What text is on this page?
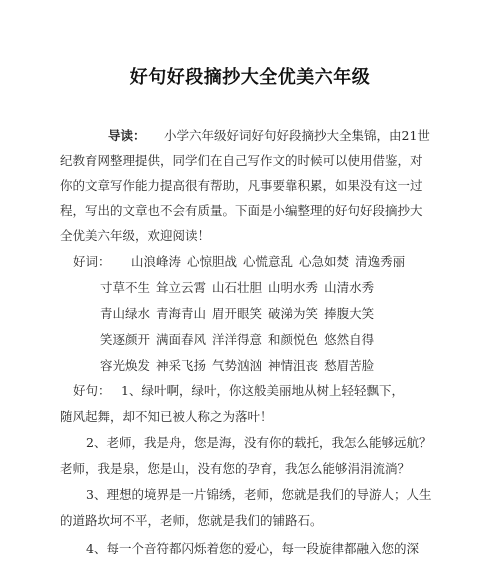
好句好段摘抄大全优美六年级
导读： 小学六年级好词好句好段摘抄大全集锦，由21世
纪教育网整理提供，同学们在自己写作文的时候可以使用借鉴，对
你的文章写作能力提高很有帮助，凡事要靠积累，如果没有这一过
程，写出的文章也不会有质量。下面是小编整理的好句好段摘抄大
全优美六年级，欢迎阅读！
好词： 山浪峰涛 心惊胆战 心慌意乱 心急如焚 清逸秀丽
寸草不生 耸立云霄 山石壮胆 山明水秀 山清水秀
青山绿水 青海青山 眉开眼笑 破涕为笑 捧腹大笑
笑逐颜开 满面春风 洋洋得意 和颜悦色 悠然自得
容光焕发 神采飞扬 气势汹汹 神情沮丧 愁眉苦脸
好句： 1、绿叶啊，绿叶，你这般美丽地从树上轻轻飘下，
随风起舞，却不知已被人称之为落叶！
2、老师，我是舟，您是海，没有你的载托，我怎么能够远航？
老师，我是泉，您是山，没有您的孕育，我怎么能够涓涓流淌？
3、理想的境界是一片锦绣，老师，您就是我们的导游人；人生
的道路坎坷不平，老师，您就是我们的铺路石。
4、每一个音符都闪烁着您的爱心，每一段旋律都融入您的深
